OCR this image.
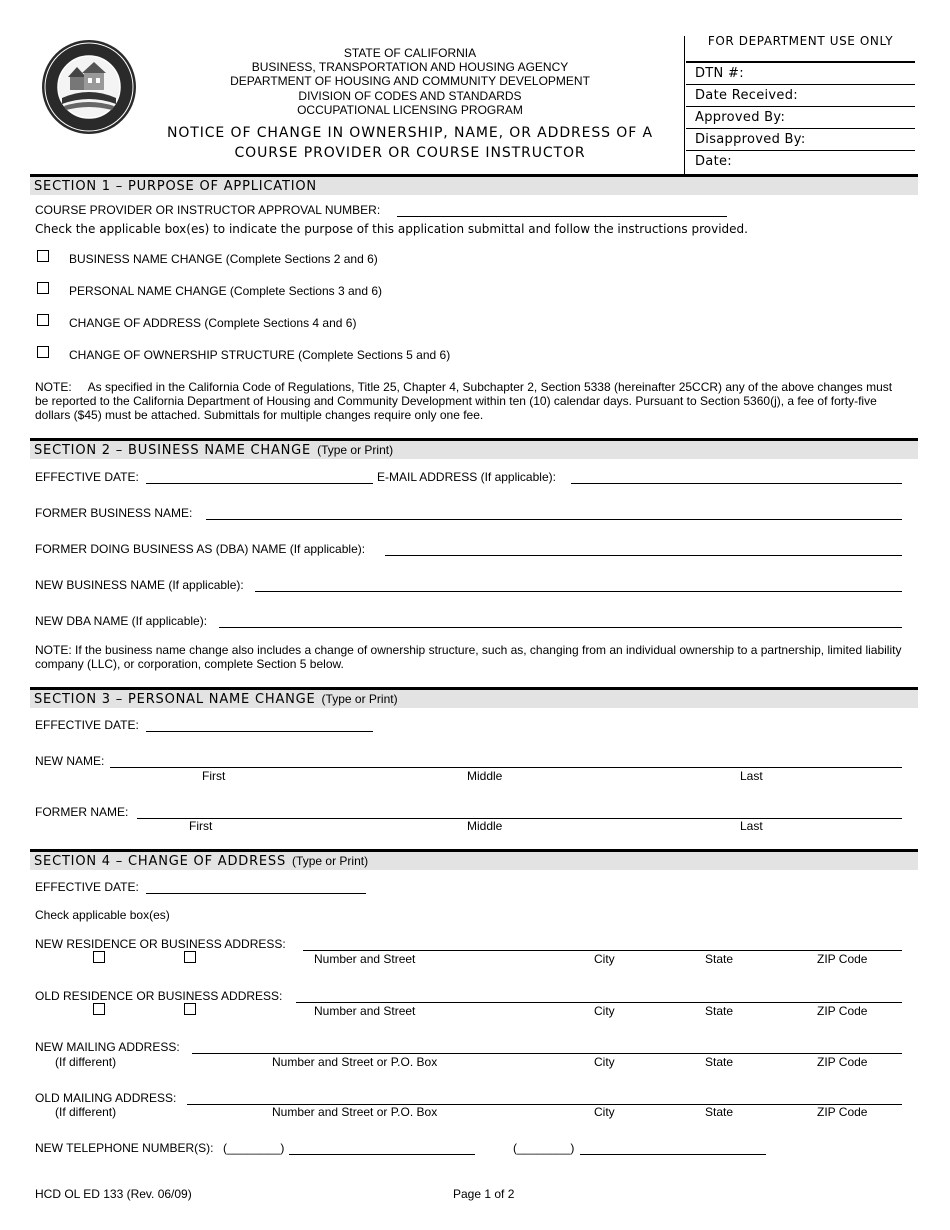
STATE OF CALIFORNIA
BUSINESS, TRANSPORTATION AND HOUSING AGENCY
DEPARTMENT OF HOUSING AND COMMUNITY DEVELOPMENT
DIVISION OF CODES AND STANDARDS
OCCUPATIONAL LICENSING PROGRAM
NOTICE OF CHANGE IN OWNERSHIP, NAME, OR ADDRESS OF A
COURSE PROVIDER OR COURSE INSTRUCTOR
FOR DEPARTMENT USE ONLY
DTN #:
Date Received:
Approved By:
Disapproved By:
Date:
SECTION 1 – PURPOSE OF APPLICATION
COURSE PROVIDER OR INSTRUCTOR APPROVAL NUMBER:
Check the applicable box(es) to indicate the purpose of this application submittal and follow the instructions provided.
BUSINESS NAME CHANGE (Complete Sections 2 and 6)
PERSONAL NAME CHANGE (Complete Sections 3 and 6)
CHANGE OF ADDRESS (Complete Sections 4 and 6)
CHANGE OF OWNERSHIP STRUCTURE (Complete Sections 5 and 6)
NOTE: As specified in the California Code of Regulations, Title 25, Chapter 4, Subchapter 2, Section 5338 (hereinafter 25CCR) any of the above changes must be reported to the California Department of Housing and Community Development within ten (10) calendar days. Pursuant to Section 5360(j), a fee of forty-five dollars ($45) must be attached. Submittals for multiple changes require only one fee.
SECTION 2 – BUSINESS NAME CHANGE (Type or Print)
EFFECTIVE DATE:	E-MAIL ADDRESS (If applicable):
FORMER BUSINESS NAME:
FORMER DOING BUSINESS AS (DBA) NAME (If applicable):
NEW BUSINESS NAME (If applicable):
NEW DBA NAME (If applicable):
NOTE: If the business name change also includes a change of ownership structure, such as, changing from an individual ownership to a partnership, limited liability company (LLC), or corporation, complete Section 5 below.
SECTION 3 – PERSONAL NAME CHANGE (Type or Print)
EFFECTIVE DATE:
NEW NAME:
First	Middle	Last
FORMER NAME:
First	Middle	Last
SECTION 4 – CHANGE OF ADDRESS (Type or Print)
EFFECTIVE DATE:
Check applicable box(es)
NEW RESIDENCE OR BUSINESS ADDRESS:
Number and Street	City	State	ZIP Code
OLD RESIDENCE OR BUSINESS ADDRESS:
Number and Street	City	State	ZIP Code
NEW MAILING ADDRESS:
(If different)	Number and Street or P.O. Box	City	State	ZIP Code
OLD MAILING ADDRESS:
(If different)	Number and Street or P.O. Box	City	State	ZIP Code
NEW TELEPHONE NUMBER(S): (________)	(________)
HCD OL ED 133 (Rev. 06/09)	Page 1 of 2
